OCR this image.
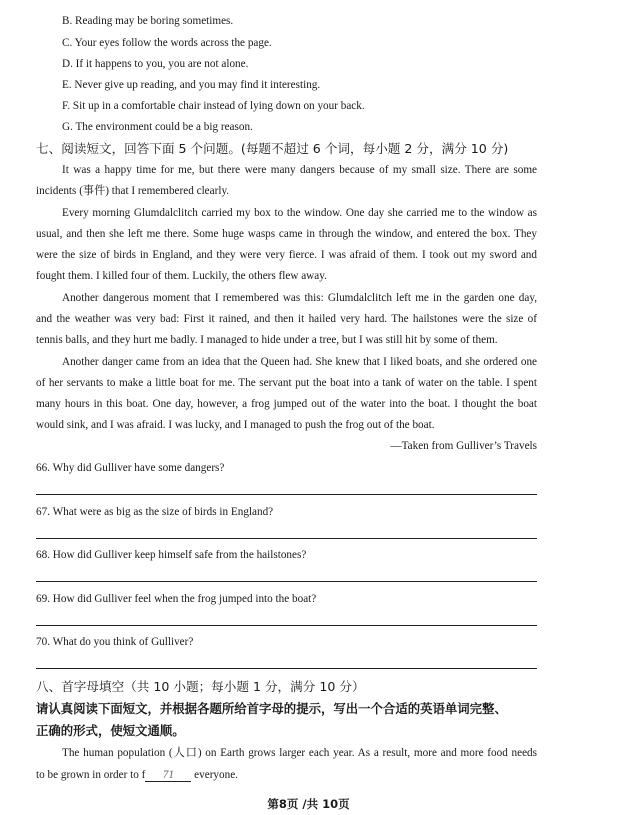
B. Reading may be boring sometimes.
C. Your eyes follow the words across the page.
D. If it happens to you, you are not alone.
E. Never give up reading, and you may find it interesting.
F. Sit up in a comfortable chair instead of lying down on your back.
G. The environment could be a big reason.
七、阅读短文，回答下面 5 个问题。(每题不超过 6 个词，每小题 2 分，满分 10 分)
It was a happy time for me, but there were many dangers because of my small size. There are some
incidents (事件) that I remembered clearly.
Every morning Glumdalclitch carried my box to the window. One day she carried me to the window as
usual, and then she left me there. Some huge wasps came in through the window, and entered the box. They
were the size of birds in England, and they were very fierce. I was afraid of them. I took out my sword and
fought them. I killed four of them. Luckily, the others flew away.
Another dangerous moment that I remembered was this: Glumdalclitch left me in the garden one day,
and the weather was very bad: First it rained, and then it hailed very hard. The hailstones were the size of
tennis balls, and they hurt me badly. I managed to hide under a tree, but I was still hit by some of them.
Another danger came from an idea that the Queen had. She knew that I liked boats, and she ordered one
of her servants to make a little boat for me. The servant put the boat into a tank of water on the table. I spent
many hours in this boat. One day, however, a frog jumped out of the water into the boat. I thought the boat
would sink, and I was afraid. I was lucky, and I managed to push the frog out of the boat.
—Taken from Gulliver’s Travels
66. Why did Gulliver have some dangers?
67. What were as big as the size of birds in England?
68. How did Gulliver keep himself safe from the hailstones?
69. How did Gulliver feel when the frog jumped into the boat?
70. What do you think of Gulliver?
八、首字母填空（共 10 小题；每小题 1 分，满分 10 分）
请认真阅读下面短文，并根据各题所给首字母的提示，写出一个合适的英语单词完整、
正确的形式，使短文通顺。
The human population (人口) on Earth grows larger each year. As a result, more and more food needs
to be grown in order to f 71 everyone.
第8页 /共 10页
